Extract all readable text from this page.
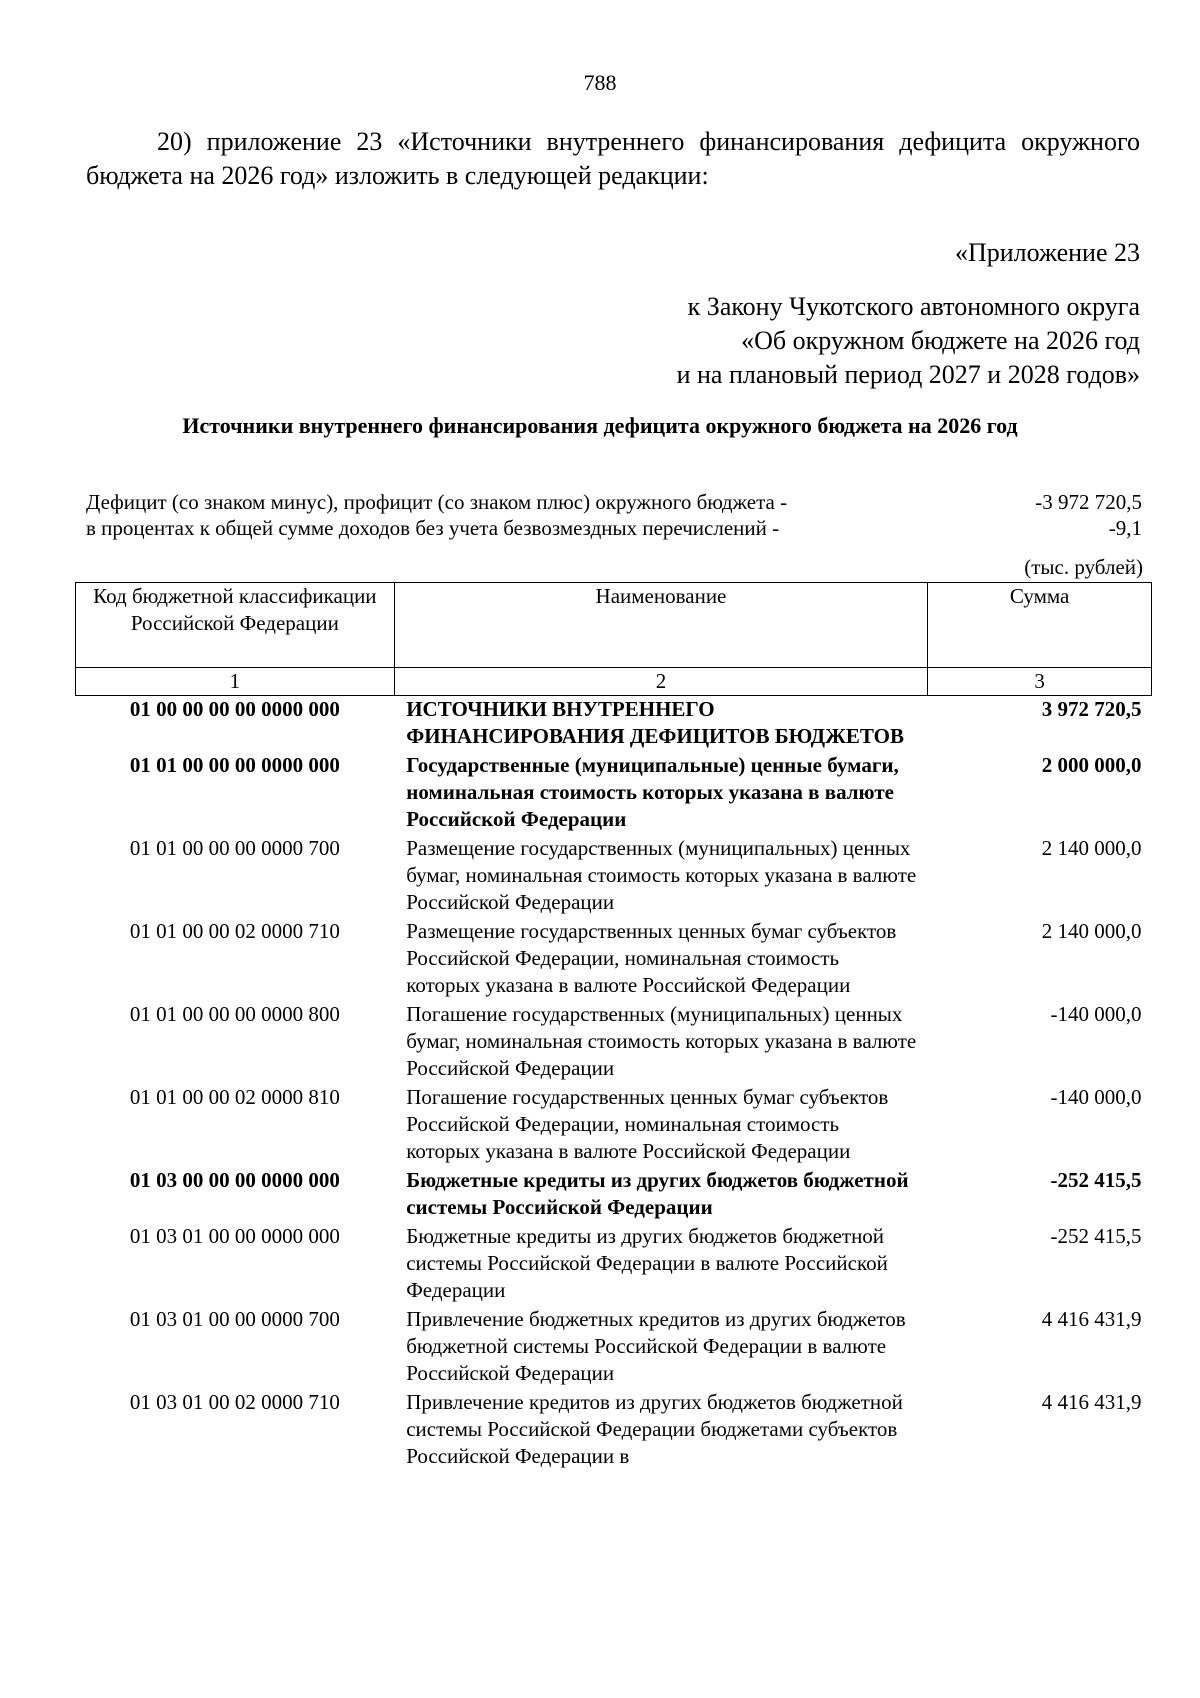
788
20) приложение 23 «Источники внутреннего финансирования дефицита окружного бюджета на 2026 год» изложить в следующей редакции:
«Приложение 23
к Закону Чукотского автономного округа
«Об окружном бюджете на 2026 год
и на плановый период 2027 и 2028 годов»
Источники внутреннего финансирования дефицита окружного бюджета на 2026 год
Дефицит (со знаком минус), профицит (со знаком плюс) окружного бюджета -	-3 972 720,5
в процентах к общей сумме доходов без учета безвозмездных перечислений -	-9,1
(тыс. рублей)
Код бюджетной классификации Российской Федерации	Наименование	Сумма
1	2	3
01 00 00 00 00 0000 000	ИСТОЧНИКИ ВНУТРЕННЕГО ФИНАНСИРОВАНИЯ ДЕФИЦИТОВ БЮДЖЕТОВ	3 972 720,5
01 01 00 00 00 0000 000	Государственные (муниципальные) ценные бумаги, номинальная стоимость которых указана в валюте Российской Федерации	2 000 000,0
01 01 00 00 00 0000 700	Размещение государственных (муниципальных) ценных бумаг, номинальная стоимость которых указана в валюте Российской Федерации	2 140 000,0
01 01 00 00 02 0000 710	Размещение государственных ценных бумаг субъектов Российской Федерации, номинальная стоимость которых указана в валюте Российской Федерации	2 140 000,0
01 01 00 00 00 0000 800	Погашение государственных (муниципальных) ценных бумаг, номинальная стоимость которых указана в валюте Российской Федерации	-140 000,0
01 01 00 00 02 0000 810	Погашение государственных ценных бумаг субъектов Российской Федерации, номинальная стоимость которых указана в валюте Российской Федерации	-140 000,0
01 03 00 00 00 0000 000	Бюджетные кредиты из других бюджетов бюджетной системы Российской Федерации	-252 415,5
01 03 01 00 00 0000 000	Бюджетные кредиты из других бюджетов бюджетной системы Российской Федерации в валюте Российской Федерации	-252 415,5
01 03 01 00 00 0000 700	Привлечение бюджетных кредитов из других бюджетов бюджетной системы Российской Федерации в валюте Российской Федерации	4 416 431,9
01 03 01 00 02 0000 710	Привлечение кредитов из других бюджетов бюджетной системы Российской Федерации бюджетами субъектов Российской Федерации в	4 416 431,9
